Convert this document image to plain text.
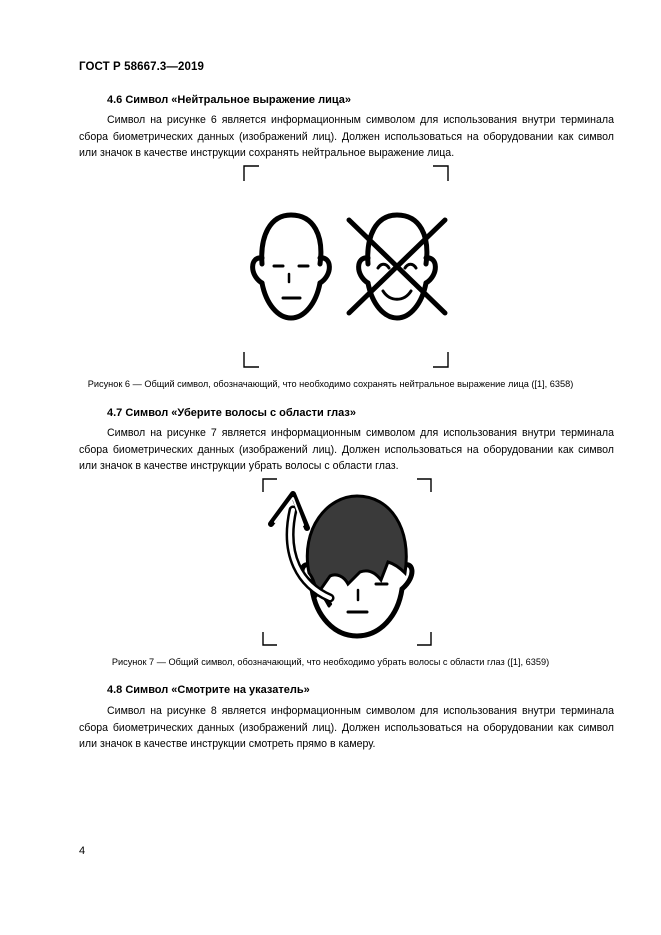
ГОСТ Р 58667.3—2019
4.6 Символ «Нейтральное выражение лица»
Символ на рисунке 6 является информационным символом для использования внутри терминала сбора биометрических данных (изображений лиц). Должен использоваться на оборудовании как символ или значок в качестве инструкции сохранять нейтральное выражение лица.
Рисунок 6 — Общий символ, обозначающий, что необходимо сохранять нейтральное выражение лица ([1], 6358)
4.7 Символ «Уберите волосы с области глаз»
Символ на рисунке 7 является информационным символом для использования внутри терминала сбора биометрических данных (изображений лиц). Должен использоваться на оборудовании как символ или значок в качестве инструкции убрать волосы с области глаз.
Рисунок 7 — Общий символ, обозначающий, что необходимо убрать волосы с области глаз ([1], 6359)
4.8 Символ «Смотрите на указатель»
Символ на рисунке 8 является информационным символом для использования внутри терминала сбора биометрических данных (изображений лиц). Должен использоваться на оборудовании как символ или значок в качестве инструкции смотреть прямо в камеру.
4
